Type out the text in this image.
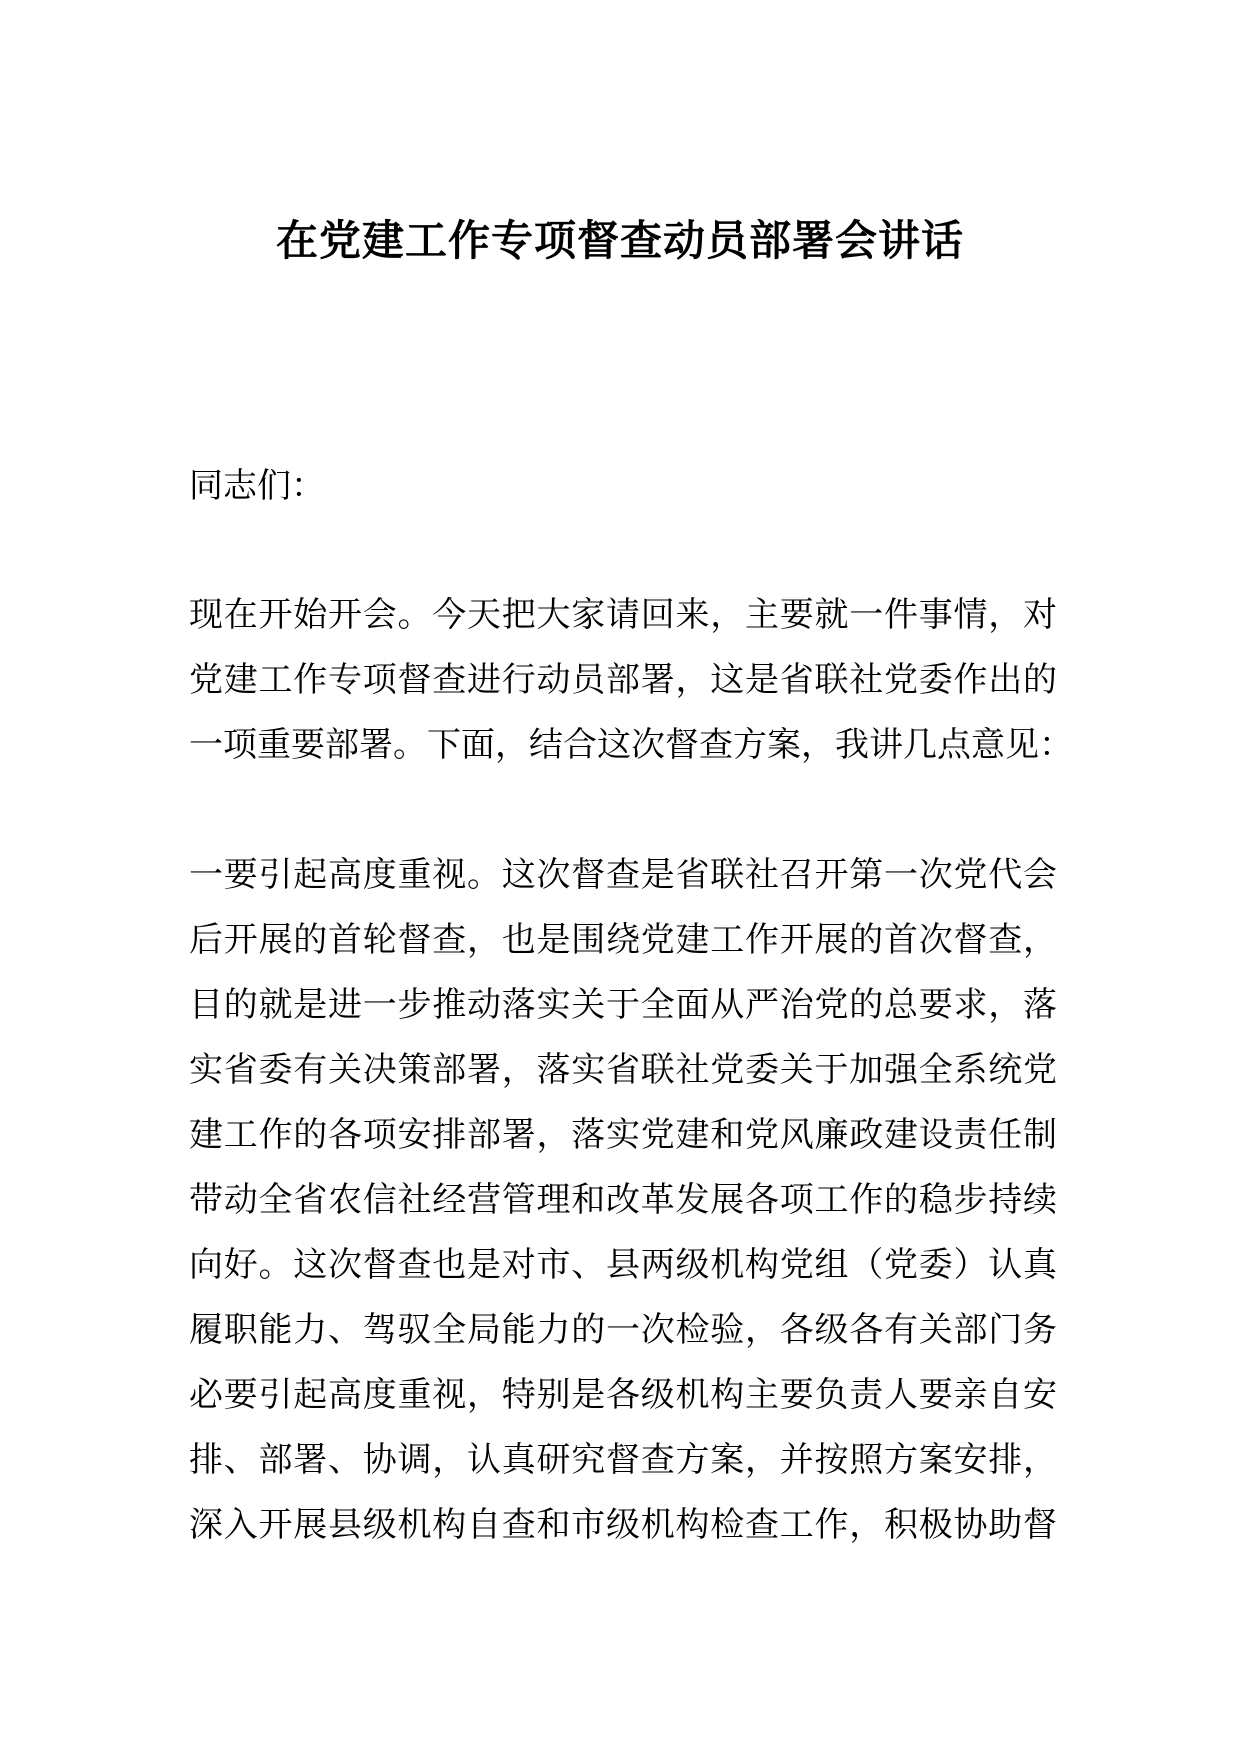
在党建工作专项督查动员部署会讲话
同志们：
现在开始开会。今天把大家请回来，主要就一件事情，对
党建工作专项督查进行动员部署，这是省联社党委作出的
一项重要部署。下面，结合这次督查方案，我讲几点意见：
一要引起高度重视。这次督查是省联社召开第一次党代会
后开展的首轮督查，也是围绕党建工作开展的首次督查，
目的就是进一步推动落实关于全面从严治党的总要求，落
实省委有关决策部署，落实省联社党委关于加强全系统党
建工作的各项安排部署，落实党建和党风廉政建设责任制
带动全省农信社经营管理和改革发展各项工作的稳步持续
向好。这次督查也是对市、县两级机构党组（党委）认真
履职能力、驾驭全局能力的一次检验，各级各有关部门务
必要引起高度重视，特别是各级机构主要负责人要亲自安
排、部署、协调，认真研究督查方案，并按照方案安排，
深入开展县级机构自查和市级机构检查工作，积极协助督
